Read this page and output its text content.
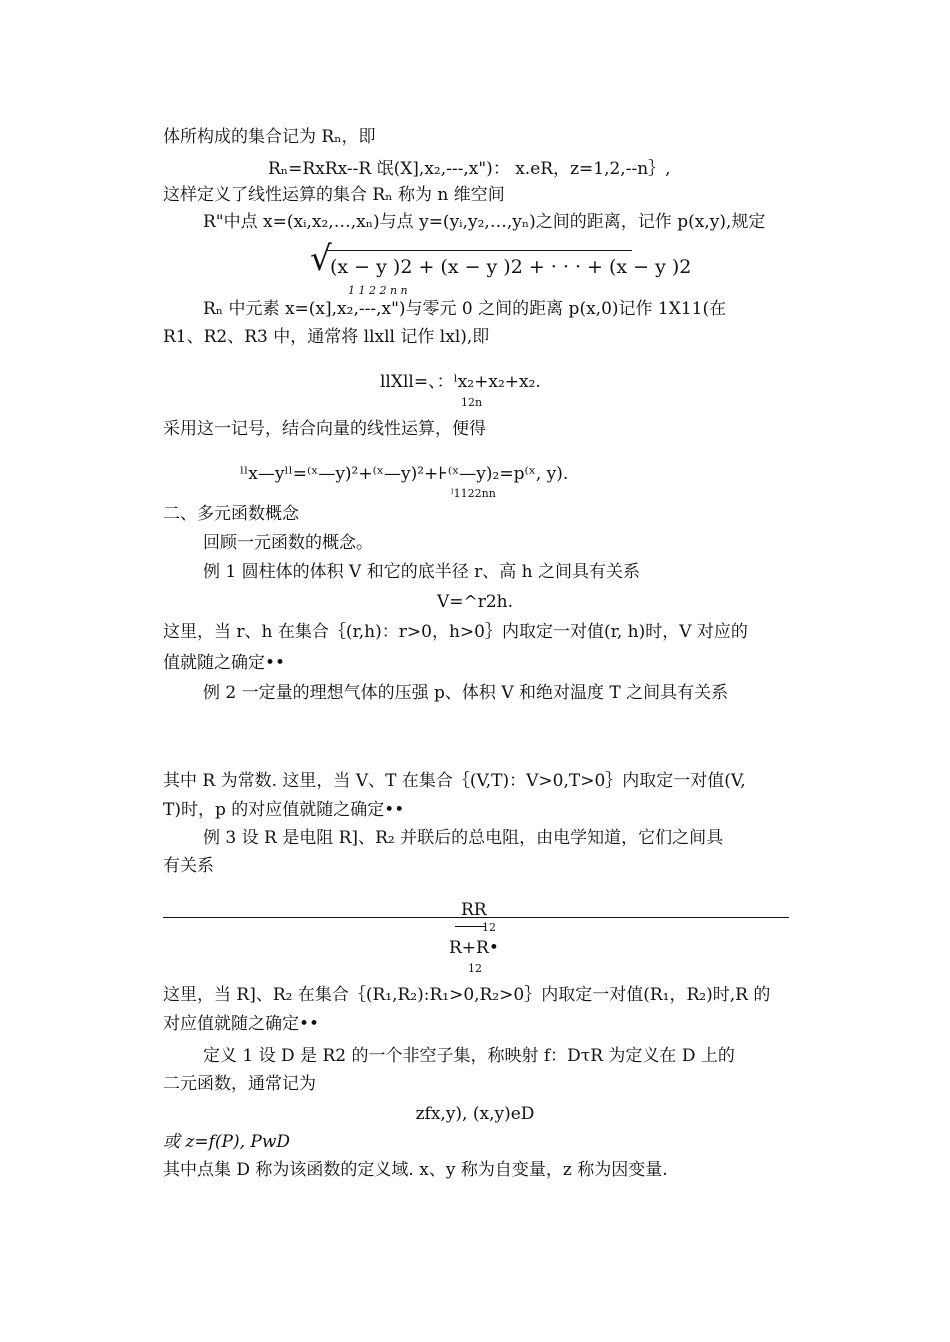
体所构成的集合记为 Rₙ，即
Rₙ=RxRx--R 氓(X],x₂,---,x")： x.eR，z=1,2,--n｝,
这样定义了线性运算的集合 Rₙ 称为 n 维空间
R"中点 x=(xᵢ,x₂,…,xₙ)与点 y=(yᵢ,y₂,…,yₙ)之间的距离，记作 p(x,y),规定
√
(x − y )2 + (x − y )2 + · · · + (x − y )2
1 1 2 2 n n
Rₙ 中元素 x=(x],x₂,---,x")与零元 0 之间的距离 p(x,0)记作 1X11(在
R1、R2、R3 中，通常将 llxll 记作 lxl),即
llXll=、：ˡx₂+x₂+x₂.
12n
采用这一记号，结合向量的线性运算，便得
ˡˡx—yˡˡ=⁽ˣ—y)²+⁽ˣ—y)²+⊦⁽ˣ—y)₂=p⁽ˣ, y).
ˡ1122nn
二、多元函数概念
回顾一元函数的概念。
例 1 圆柱体的体积 V 和它的底半径 r、高 h 之间具有关系
V=^r2h.
这里，当 r、h 在集合｛(r,h)：r>0，h>0｝内取定一对值(r, h)时，V 对应的
值就随之确定••
例 2 一定量的理想气体的压强 p、体积 V 和绝对温度 T 之间具有关系
其中 R 为常数. 这里，当 V、T 在集合｛(V,T)：V>0,T>0｝内取定一对值(V,
T)时，p 的对应值就随之确定••
例 3 设 R 是电阻 R]、R₂ 并联后的总电阻，由电学知道，它们之间具
有关系
RR
12
R+R•
12
这里，当 R]、R₂ 在集合｛(R₁,R₂):R₁>0,R₂>0｝内取定一对值(R₁，R₂)时,R 的
对应值就随之确定••
定义 1 设 D 是 R2 的一个非空子集，称映射 f：DτR 为定义在 D 上的
二元函数，通常记为
zfx,y), (x,y)eD
或 z=f(P), PwD
其中点集 D 称为该函数的定义域. x、y 称为自变量，z 称为因变量.
